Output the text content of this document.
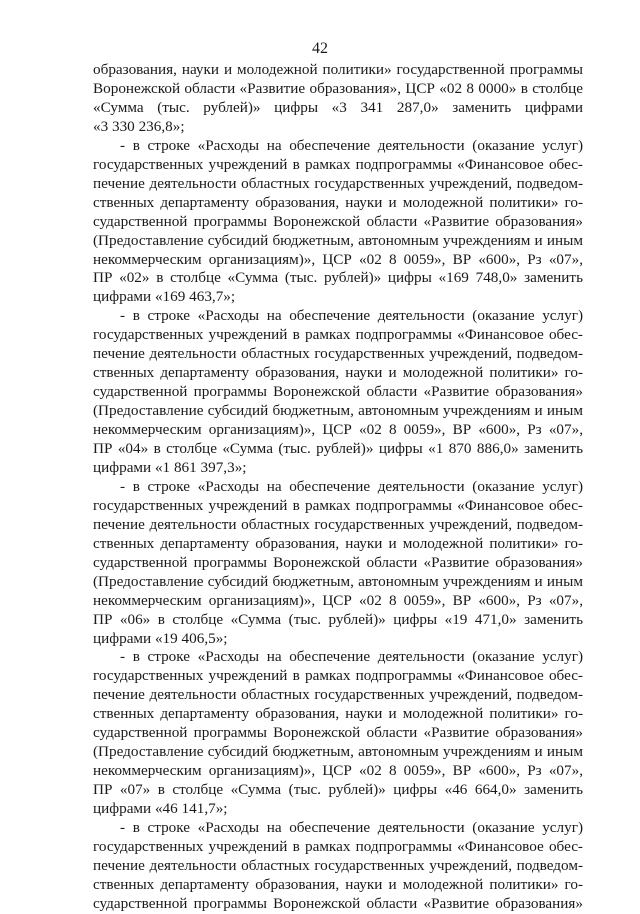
42
образования, науки и молодежной политики» государственной программы
Воронежской области «Развитие образования», ЦСР «02 8 0000» в столбце
«Сумма (тыс. рублей)» цифры «3 341 287,0» заменить цифрами
«3 330 236,8»;
- в строке «Расходы на обеспечение деятельности (оказание услуг)
государственных учреждений в рамках подпрограммы «Финансовое обес-
печение деятельности областных государственных учреждений, подведом-
ственных департаменту образования, науки и молодежной политики» го-
сударственной программы Воронежской области «Развитие образования»
(Предоставление субсидий бюджетным, автономным учреждениям и иным
некоммерческим организациям)», ЦСР «02 8 0059», ВР «600», Рз «07»,
ПР «02» в столбце «Сумма (тыс. рублей)» цифры «169 748,0» заменить
цифрами «169 463,7»;
- в строке «Расходы на обеспечение деятельности (оказание услуг)
государственных учреждений в рамках подпрограммы «Финансовое обес-
печение деятельности областных государственных учреждений, подведом-
ственных департаменту образования, науки и молодежной политики» го-
сударственной программы Воронежской области «Развитие образования»
(Предоставление субсидий бюджетным, автономным учреждениям и иным
некоммерческим организациям)», ЦСР «02 8 0059», ВР «600», Рз «07»,
ПР «04» в столбце «Сумма (тыс. рублей)» цифры «1 870 886,0» заменить
цифрами «1 861 397,3»;
- в строке «Расходы на обеспечение деятельности (оказание услуг)
государственных учреждений в рамках подпрограммы «Финансовое обес-
печение деятельности областных государственных учреждений, подведом-
ственных департаменту образования, науки и молодежной политики» го-
сударственной программы Воронежской области «Развитие образования»
(Предоставление субсидий бюджетным, автономным учреждениям и иным
некоммерческим организациям)», ЦСР «02 8 0059», ВР «600», Рз «07»,
ПР «06» в столбце «Сумма (тыс. рублей)» цифры «19 471,0» заменить
цифрами «19 406,5»;
- в строке «Расходы на обеспечение деятельности (оказание услуг)
государственных учреждений в рамках подпрограммы «Финансовое обес-
печение деятельности областных государственных учреждений, подведом-
ственных департаменту образования, науки и молодежной политики» го-
сударственной программы Воронежской области «Развитие образования»
(Предоставление субсидий бюджетным, автономным учреждениям и иным
некоммерческим организациям)», ЦСР «02 8 0059», ВР «600», Рз «07»,
ПР «07» в столбце «Сумма (тыс. рублей)» цифры «46 664,0» заменить
цифрами «46 141,7»;
- в строке «Расходы на обеспечение деятельности (оказание услуг)
государственных учреждений в рамках подпрограммы «Финансовое обес-
печение деятельности областных государственных учреждений, подведом-
ственных департаменту образования, науки и молодежной политики» го-
сударственной программы Воронежской области «Развитие образования»
